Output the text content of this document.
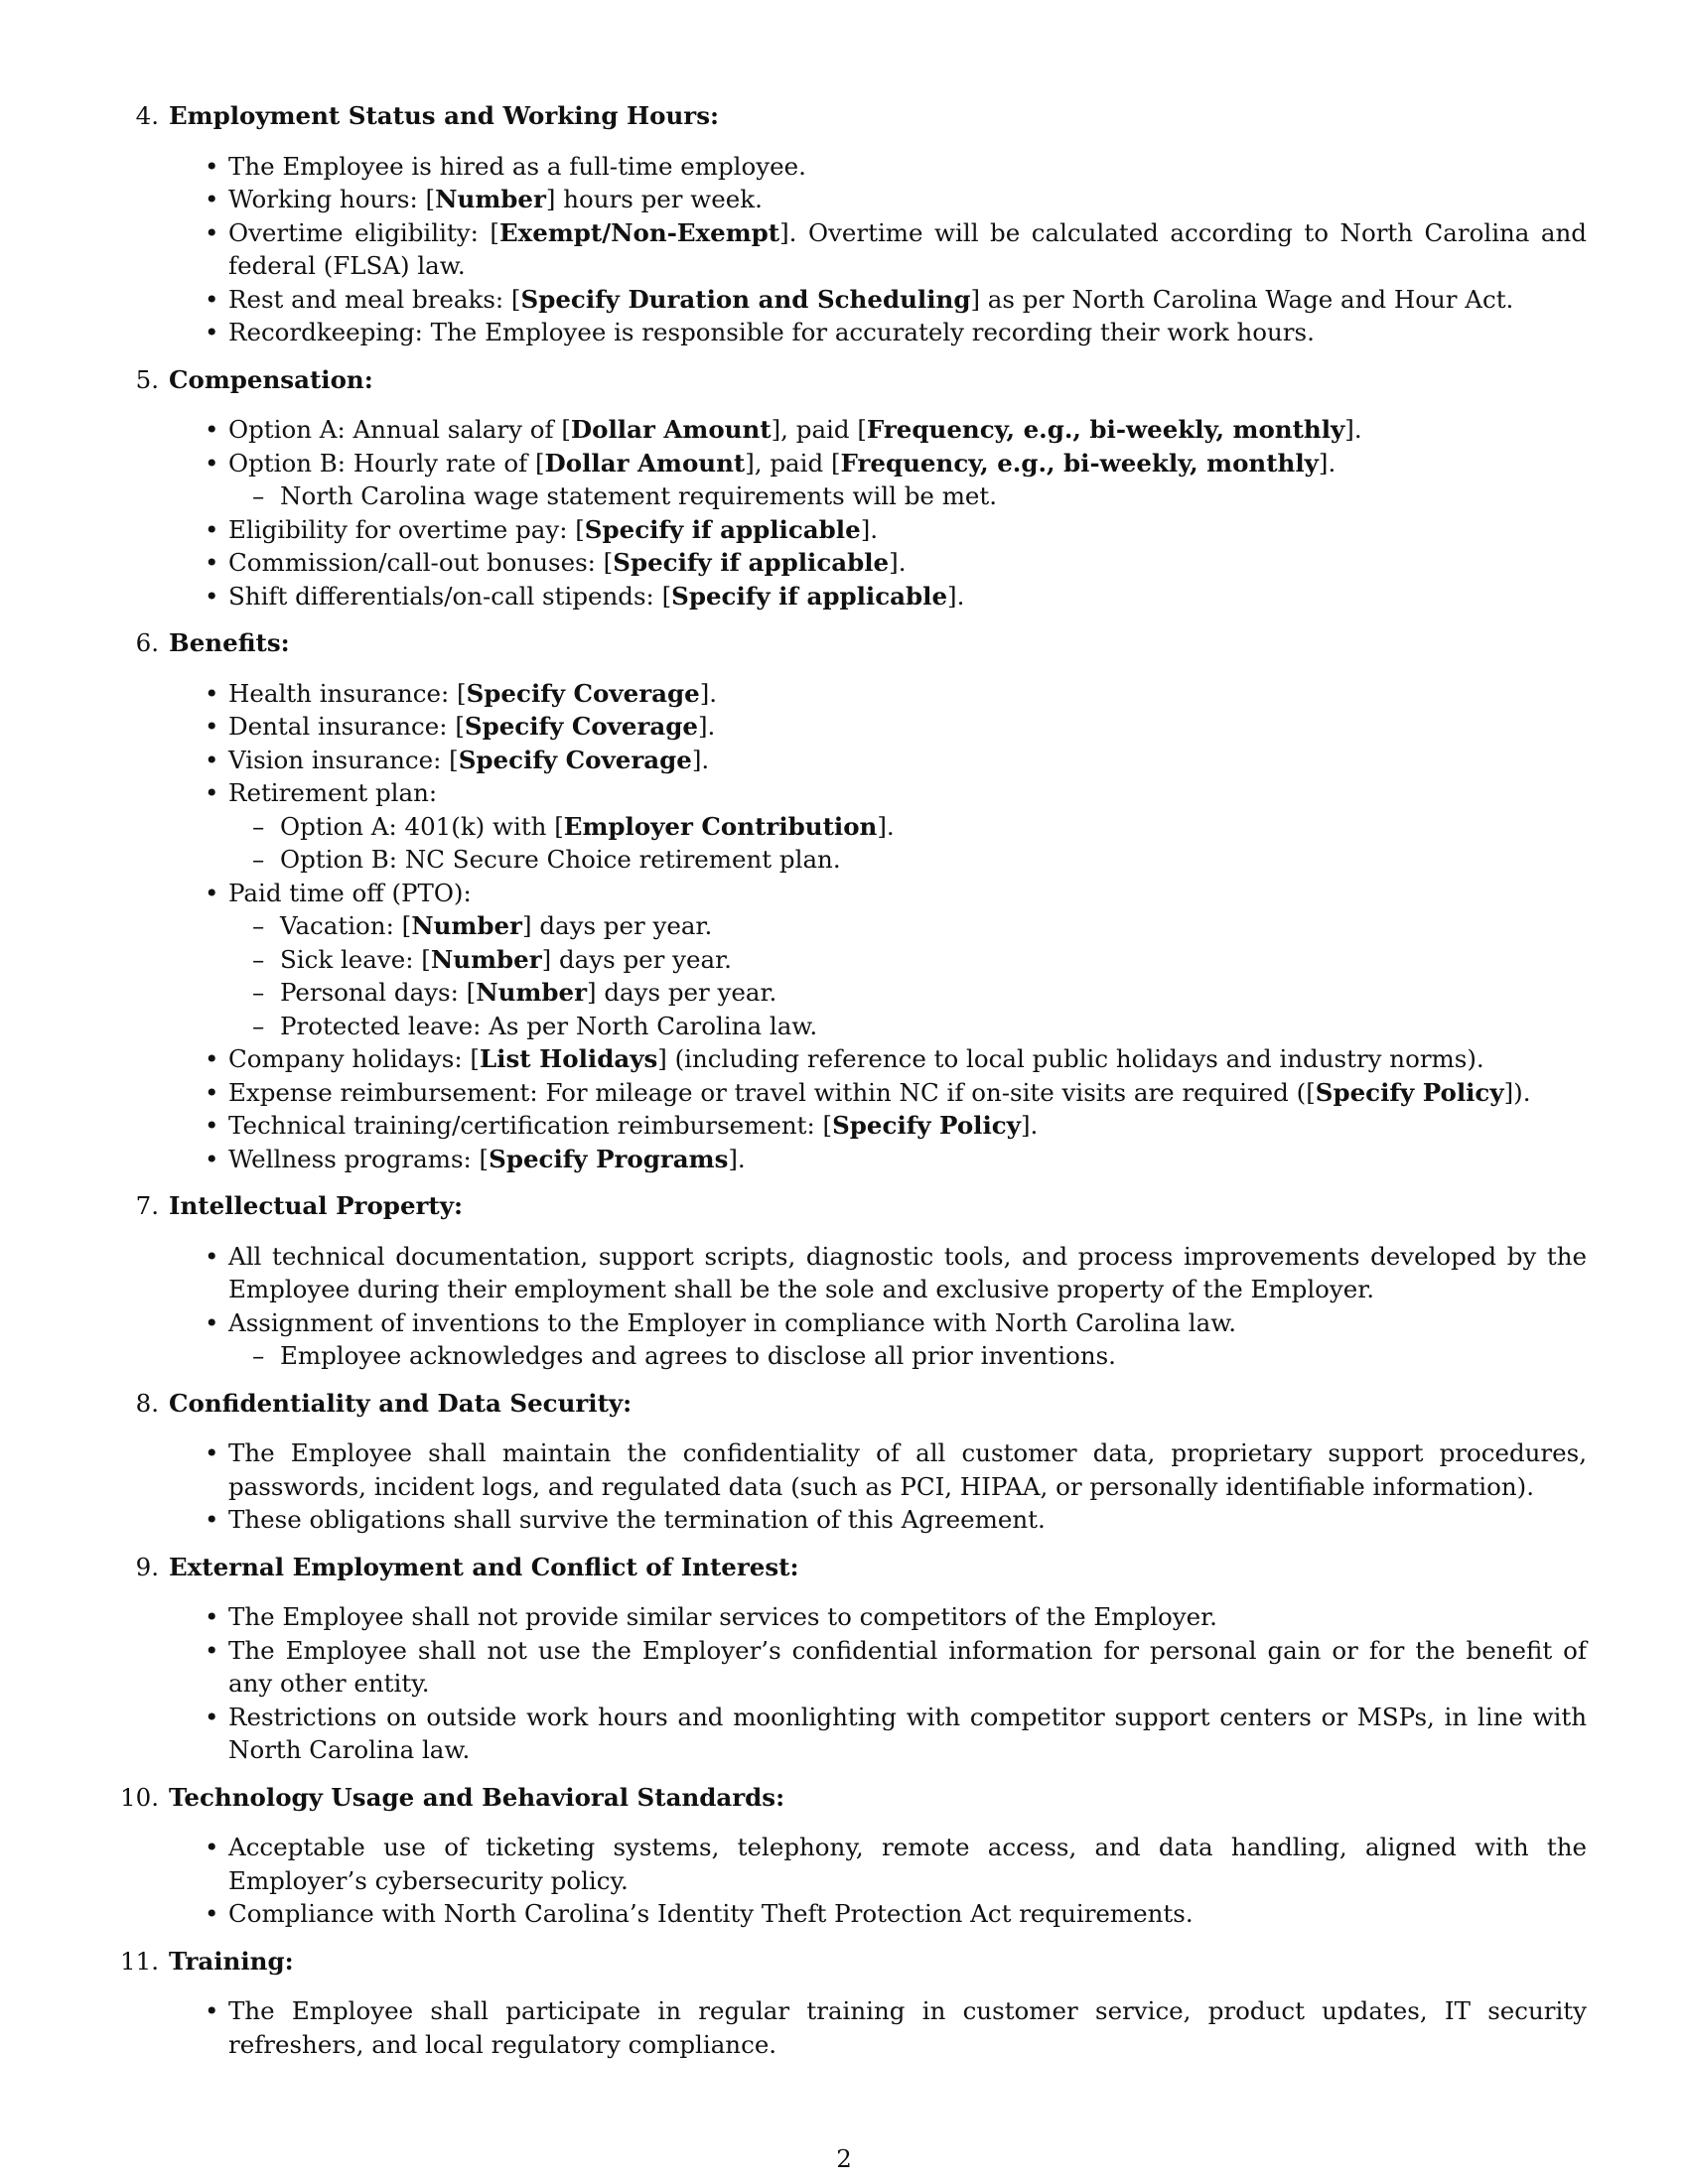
4. Employment Status and Working Hours:
• The Employee is hired as a full-time employee.
• Working hours: [Number] hours per week.
• Overtime eligibility: [Exempt/Non-Exempt]. Overtime will be calculated according to North Carolina and federal (FLSA) law.
• Rest and meal breaks: [Specify Duration and Scheduling] as per North Carolina Wage and Hour Act.
• Recordkeeping: The Employee is responsible for accurately recording their work hours.
5. Compensation:
• Option A: Annual salary of [Dollar Amount], paid [Frequency, e.g., bi-weekly, monthly].
• Option B: Hourly rate of [Dollar Amount], paid [Frequency, e.g., bi-weekly, monthly].
– North Carolina wage statement requirements will be met.
• Eligibility for overtime pay: [Specify if applicable].
• Commission/call-out bonuses: [Specify if applicable].
• Shift differentials/on-call stipends: [Specify if applicable].
6. Benefits:
• Health insurance: [Specify Coverage].
• Dental insurance: [Specify Coverage].
• Vision insurance: [Specify Coverage].
• Retirement plan:
– Option A: 401(k) with [Employer Contribution].
– Option B: NC Secure Choice retirement plan.
• Paid time off (PTO):
– Vacation: [Number] days per year.
– Sick leave: [Number] days per year.
– Personal days: [Number] days per year.
– Protected leave: As per North Carolina law.
• Company holidays: [List Holidays] (including reference to local public holidays and industry norms).
• Expense reimbursement: For mileage or travel within NC if on-site visits are required ([Specify Policy]).
• Technical training/certification reimbursement: [Specify Policy].
• Wellness programs: [Specify Programs].
7. Intellectual Property:
• All technical documentation, support scripts, diagnostic tools, and process improvements developed by the Employee during their employment shall be the sole and exclusive property of the Employer.
• Assignment of inventions to the Employer in compliance with North Carolina law.
– Employee acknowledges and agrees to disclose all prior inventions.
8. Confidentiality and Data Security:
• The Employee shall maintain the confidentiality of all customer data, proprietary support procedures, passwords, incident logs, and regulated data (such as PCI, HIPAA, or personally identifiable information).
• These obligations shall survive the termination of this Agreement.
9. External Employment and Conflict of Interest:
• The Employee shall not provide similar services to competitors of the Employer.
• The Employee shall not use the Employer’s confidential information for personal gain or for the benefit of any other entity.
• Restrictions on outside work hours and moonlighting with competitor support centers or MSPs, in line with North Carolina law.
10. Technology Usage and Behavioral Standards:
• Acceptable use of ticketing systems, telephony, remote access, and data handling, aligned with the Employer’s cybersecurity policy.
• Compliance with North Carolina’s Identity Theft Protection Act requirements.
11. Training:
• The Employee shall participate in regular training in customer service, product updates, IT security refreshers, and local regulatory compliance.
2
